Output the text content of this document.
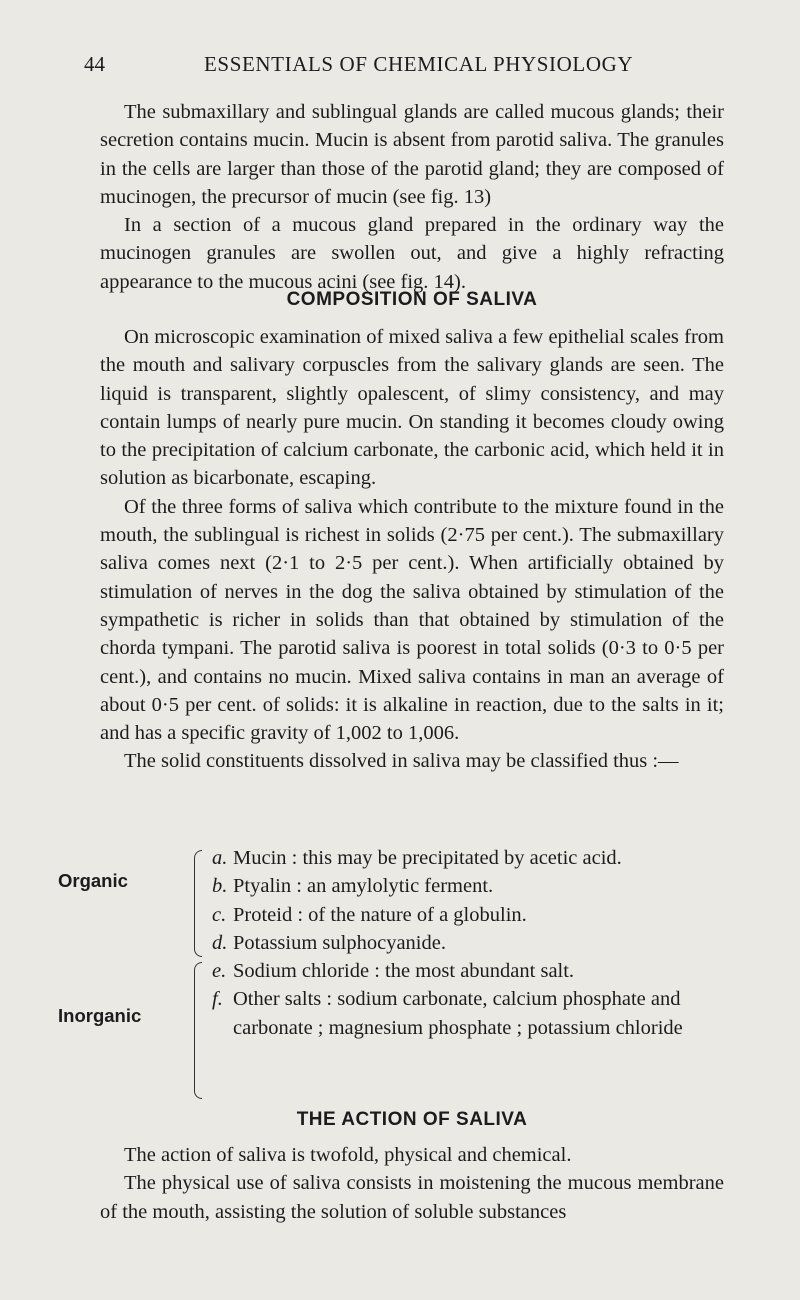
44	ESSENTIALS OF CHEMICAL PHYSIOLOGY

The submaxillary and sublingual glands are called mucous glands; their secretion contains mucin. Mucin is absent from parotid saliva. The granules in the cells are larger than those of the parotid gland; they are composed of mucinogen, the precursor of mucin (see fig. 13)

In a section of a mucous gland prepared in the ordinary way the mucinogen granules are swollen out, and give a highly refracting appearance to the mucous acini (see fig. 14).

COMPOSITION OF SALIVA

On microscopic examination of mixed saliva a few epithelial scales from the mouth and salivary corpuscles from the salivary glands are seen. The liquid is transparent, slightly opalescent, of slimy consistency, and may contain lumps of nearly pure mucin. On standing it becomes cloudy owing to the precipitation of calcium carbonate, the carbonic acid, which held it in solution as bicarbonate, escaping.

Of the three forms of saliva which contribute to the mixture found in the mouth, the sublingual is richest in solids (2·75 per cent.). The submaxillary saliva comes next (2·1 to 2·5 per cent.). When artificially obtained by stimulation of nerves in the dog the saliva obtained by stimulation of the sympathetic is richer in solids than that obtained by stimulation of the chorda tympani. The parotid saliva is poorest in total solids (0·3 to 0·5 per cent.), and contains no mucin. Mixed saliva contains in man an average of about 0·5 per cent. of solids: it is alkaline in reaction, due to the salts in it; and has a specific gravity of 1,002 to 1,006.

The solid constituents dissolved in saliva may be classified thus :—

Organic
a. Mucin : this may be precipitated by acetic acid.
b. Ptyalin : an amylolytic ferment.
c. Proteid : of the nature of a globulin.
d. Potassium sulphocyanide.
Inorganic
e. Sodium chloride : the most abundant salt.
f. Other salts : sodium carbonate, calcium phosphate and carbonate ; magnesium phosphate ; potassium chloride
THE ACTION OF SALIVA

The action of saliva is twofold, physical and chemical.

The physical use of saliva consists in moistening the mucous membrane of the mouth, assisting the solution of soluble substances
